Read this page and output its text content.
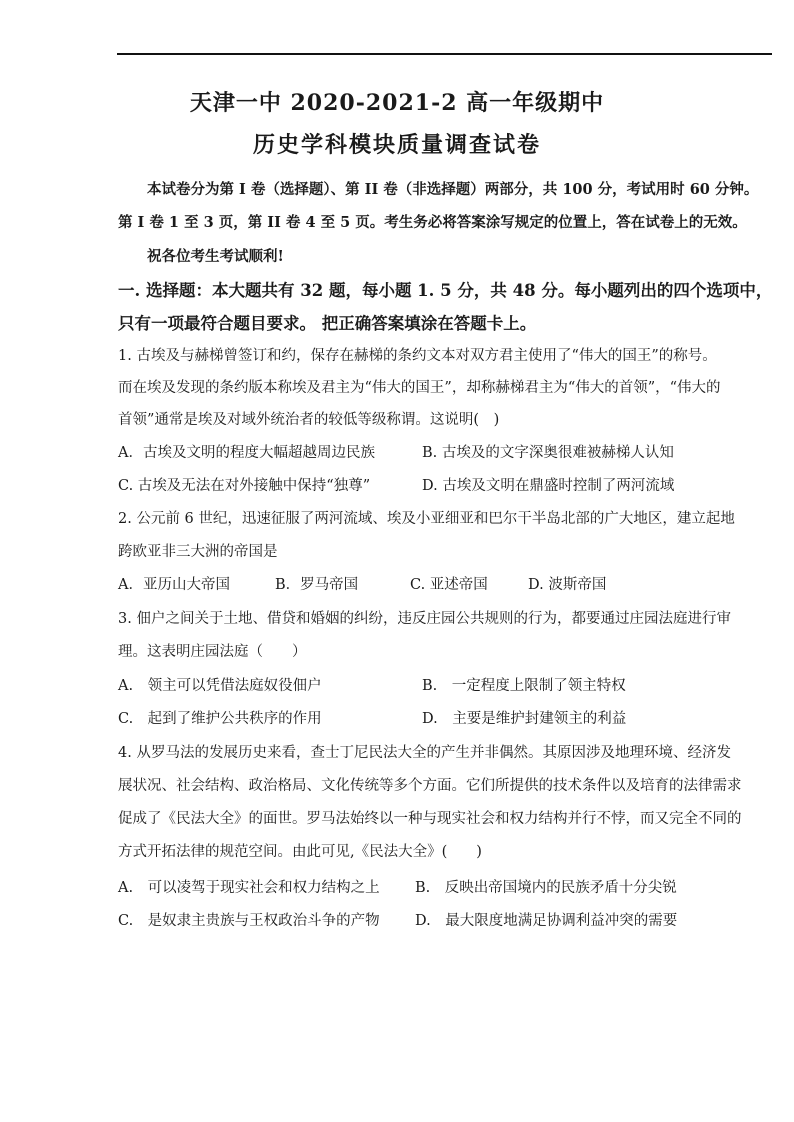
天津一中 2020-2021-2 高一年级期中
历史学科模块质量调查试卷
本试卷分为第 I 卷（选择题）、第 II 卷（非选择题）两部分，共 100 分，考试用时 60 分钟。
第 I 卷 1 至 3 页，第 II 卷 4 至 5 页。考生务必将答案涂写规定的位置上，答在试卷上的无效。
祝各位考生考试顺利!
一. 选择题：本大题共有 32 题，每小题 1. 5 分，共 48 分。每小题列出的四个选项中，
只有一项最符合题目要求。 把正确答案填涂在答题卡上。
1. 古埃及与赫梯曾签订和约，保存在赫梯的条约文本对双方君主使用了“伟大的国王”的称号。
而在埃及发现的条约版本称埃及君主为“伟大的国王”，却称赫梯君主为“伟大的首领”，“伟大的
首领”通常是埃及对域外统治者的较低等级称谓。这说明(　)
A．古埃及文明的程度大幅超越周边民族	B. 古埃及的文字深奥很难被赫梯人认知
C. 古埃及无法在对外接触中保持“独尊”	D. 古埃及文明在鼎盛时控制了两河流域
2. 公元前 6 世纪，迅速征服了两河流域、埃及小亚细亚和巴尔干半岛北部的广大地区，建立起地
跨欧亚非三大洲的帝国是
A．亚历山大帝国	B．罗马帝国	C. 亚述帝国	D. 波斯帝国
3. 佃户之间关于土地、借贷和婚姻的纠纷，违反庄园公共规则的行为，都要通过庄园法庭进行审
理。这表明庄园法庭（　　）
A.　领主可以凭借法庭奴役佃户	B.　一定程度上限制了领主特权
C.　起到了维护公共秩序的作用	D.　主要是维护封建领主的利益
4. 从罗马法的发展历史来看，查士丁尼民法大全的产生并非偶然。其原因涉及地理环境、经济发
展状况、社会结构、政治格局、文化传统等多个方面。它们所提供的技术条件以及培育的法律需求
促成了《民法大全》的面世。罗马法始终以一种与现实社会和权力结构并行不悖，而又完全不同的
方式开拓法律的规范空间。由此可见,《民法大全》(　　)
A.　可以凌驾于现实社会和权力结构之上 B.　反映出帝国境内的民族矛盾十分尖锐
C.　是奴隶主贵族与王权政治斗争的产物 D.　最大限度地满足协调利益冲突的需要
